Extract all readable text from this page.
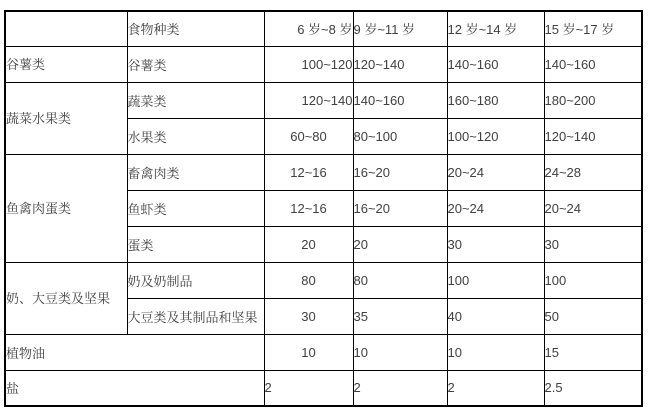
	食物种类	6 岁~8 岁	9 岁~11 岁	12 岁~14 岁	15 岁~17 岁
谷薯类	谷薯类	100~120	120~140	140~160	140~160
蔬菜水果类	蔬菜类	120~140	140~160	160~180	180~200
	水果类	60~80	80~100	100~120	120~140
鱼禽肉蛋类	畜禽肉类	12~16	16~20	20~24	24~28
	鱼虾类	12~16	16~20	20~24	20~24
	蛋类	20	20	30	30
奶、大豆类及坚果	奶及奶制品	80	80	100	100
	大豆类及其制品和坚果	30	35	40	50
植物油		10	10	10	15
盐		2	2	2	2.5
